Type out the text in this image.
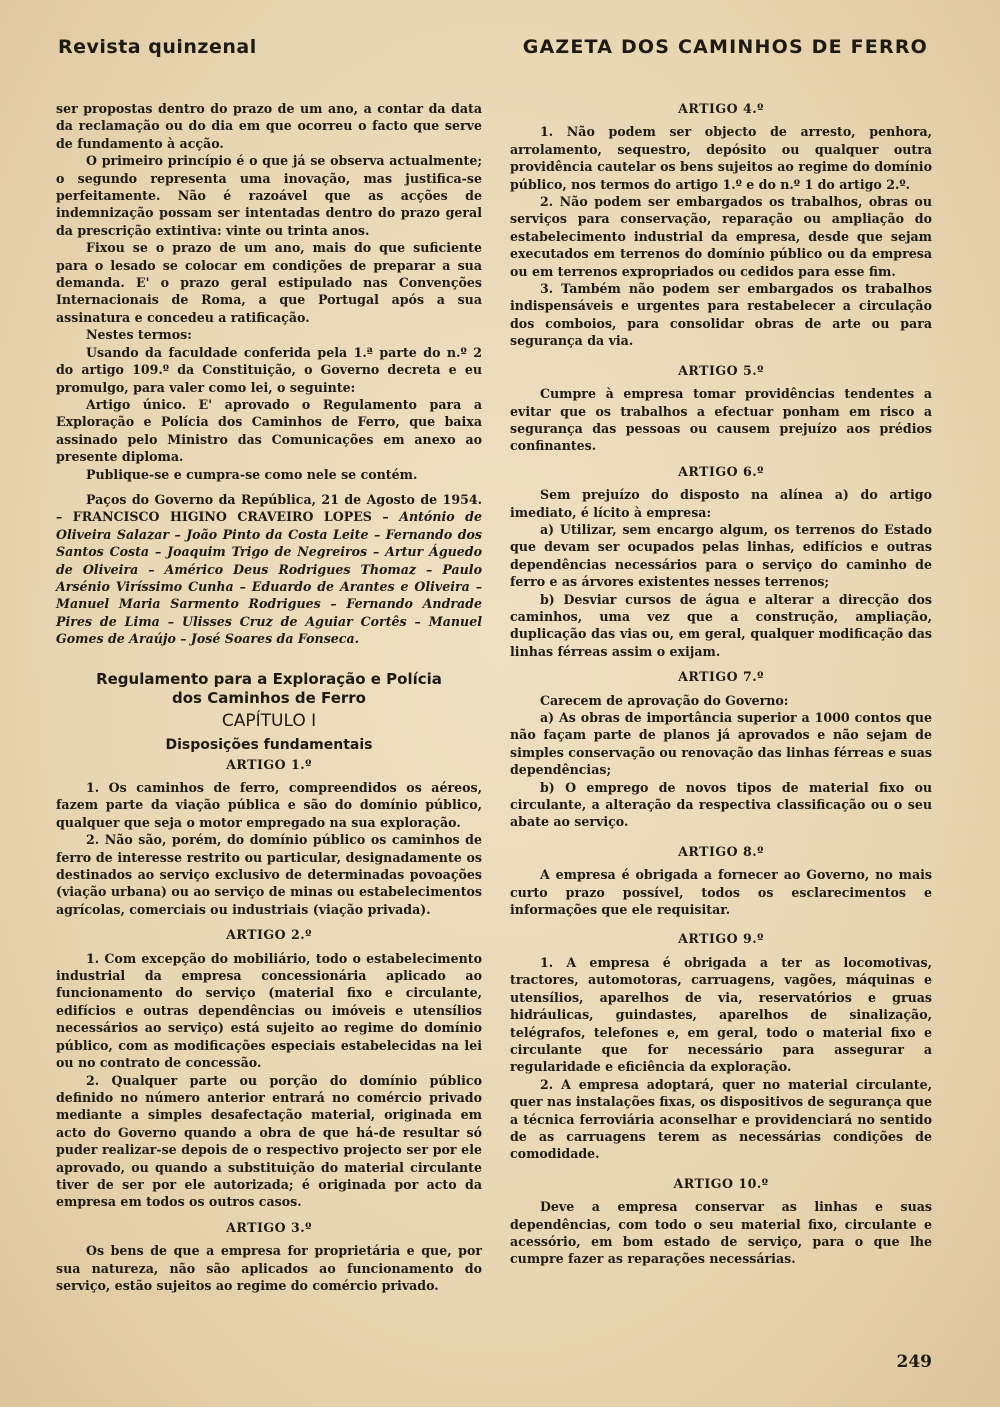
Revista quinzenal	GAZETA DOS CAMINHOS DE FERRO

ser propostas dentro do prazo de um ano, a contar da data da reclamação ou do dia em que ocorreu o facto que serve de fundamento à acção.

O primeiro princípio é o que já se observa actualmente; o segundo representa uma inovação, mas justifica-se perfeitamente. Não é razoável que as acções de indemnização possam ser intentadas dentro do prazo geral da prescrição extintiva: vinte ou trinta anos.

Fixou se o prazo de um ano, mais do que suficiente para o lesado se colocar em condições de preparar a sua demanda. E' o prazo geral estipulado nas Convenções Internacionais de Roma, a que Portugal após a sua assinatura e concedeu a ratificação.

Nestes termos:

Usando da faculdade conferida pela 1.ª parte do n.º 2 do artigo 109.º da Constituição, o Governo decreta e eu promulgo, para valer como lei, o seguinte:

Artigo único. E' aprovado o Regulamento para a Exploração e Polícia dos Caminhos de Ferro, que baixa assinado pelo Ministro das Comunicações em anexo ao presente diploma.

Publique-se e cumpra-se como nele se contém.

Paços do Governo da República, 21 de Agosto de 1954. – FRANCISCO HIGINO CRAVEIRO LOPES – António de Oliveira Salazar – João Pinto da Costa Leite – Fernando dos Santos Costa – Joaquim Trigo de Negreiros – Artur Águedo de Oliveira – Américo Deus Rodrigues Thomaz – Paulo Arsénio Viríssimo Cunha – Eduardo de Arantes e Oliveira – Manuel Maria Sarmento Rodrigues – Fernando Andrade Pires de Lima – Ulisses Cruz de Aguiar Cortês – Manuel Gomes de Araújo – José Soares da Fonseca.

Regulamento para a Exploração e Polícia
dos Caminhos de Ferro
CAPÍTULO I
Disposições fundamentais
ARTIGO 1.º

1. Os caminhos de ferro, compreendidos os aéreos, fazem parte da viação pública e são do domínio público, qualquer que seja o motor empregado na sua exploração.

2. Não são, porém, do domínio público os caminhos de ferro de interesse restrito ou particular, designadamente os destinados ao serviço exclusivo de determinadas povoações (viação urbana) ou ao serviço de minas ou estabelecimentos agrícolas, comerciais ou industriais (viação privada).

ARTIGO 2.º

1. Com excepção do mobiliário, todo o estabelecimento industrial da empresa concessionária aplicado ao funcionamento do serviço (material fixo e circulante, edifícios e outras dependências ou imóveis e utensílios necessários ao serviço) está sujeito ao regime do domínio público, com as modificações especiais estabelecidas na lei ou no contrato de concessão.

2. Qualquer parte ou porção do domínio público definido no número anterior entrará no comércio privado mediante a simples desafectação material, originada em acto do Governo quando a obra de que há-de resultar só puder realizar-se depois de o respectivo projecto ser por ele aprovado, ou quando a substituição do material circulante tiver de ser por ele autorizada; é originada por acto da empresa em todos os outros casos.

ARTIGO 3.º

Os bens de que a empresa for proprietária e que, por sua natureza, não são aplicados ao funcionamento do serviço, estão sujeitos ao regime do comércio privado.

ARTIGO 4.º

1. Não podem ser objecto de arresto, penhora, arrolamento, sequestro, depósito ou qualquer outra providência cautelar os bens sujeitos ao regime do domínio público, nos termos do artigo 1.º e do n.º 1 do artigo 2.º.

2. Não podem ser embargados os trabalhos, obras ou serviços para conservação, reparação ou ampliação do estabelecimento industrial da empresa, desde que sejam executados em terrenos do domínio público ou da empresa ou em terrenos expropriados ou cedidos para esse fim.

3. Também não podem ser embargados os trabalhos indispensáveis e urgentes para restabelecer a circulação dos comboios, para consolidar obras de arte ou para segurança da via.

ARTIGO 5.º

Cumpre à empresa tomar providências tendentes a evitar que os trabalhos a efectuar ponham em risco a segurança das pessoas ou causem prejuízo aos prédios confinantes.

ARTIGO 6.º

Sem prejuízo do disposto na alínea a) do artigo imediato, é lícito à empresa:

a) Utilizar, sem encargo algum, os terrenos do Estado que devam ser ocupados pelas linhas, edifícios e outras dependências necessários para o serviço do caminho de ferro e as árvores existentes nesses terrenos;

b) Desviar cursos de água e alterar a direcção dos caminhos, uma vez que a construção, ampliação, duplicação das vias ou, em geral, qualquer modificação das linhas férreas assim o exijam.

ARTIGO 7.º

Carecem de aprovação do Governo:

a) As obras de importância superior a 1000 contos que não façam parte de planos já aprovados e não sejam de simples conservação ou renovação das linhas férreas e suas dependências;

b) O emprego de novos tipos de material fixo ou circulante, a alteração da respectiva classificação ou o seu abate ao serviço.

ARTIGO 8.º

A empresa é obrigada a fornecer ao Governo, no mais curto prazo possível, todos os esclarecimentos e informações que ele requisitar.

ARTIGO 9.º

1. A empresa é obrigada a ter as locomotivas, tractores, automotoras, carruagens, vagões, máquinas e utensílios, aparelhos de via, reservatórios e gruas hidráulicas, guindastes, aparelhos de sinalização, telégrafos, telefones e, em geral, todo o material fixo e circulante que for necessário para assegurar a regularidade e eficiência da exploração.

2. A empresa adoptará, quer no material circulante, quer nas instalações fixas, os dispositivos de segurança que a técnica ferroviária aconselhar e providenciará no sentido de as carruagens terem as necessárias condições de comodidade.

ARTIGO 10.º

Deve a empresa conservar as linhas e suas dependências, com todo o seu material fixo, circulante e acessório, em bom estado de serviço, para o que lhe cumpre fazer as reparações necessárias.

249
